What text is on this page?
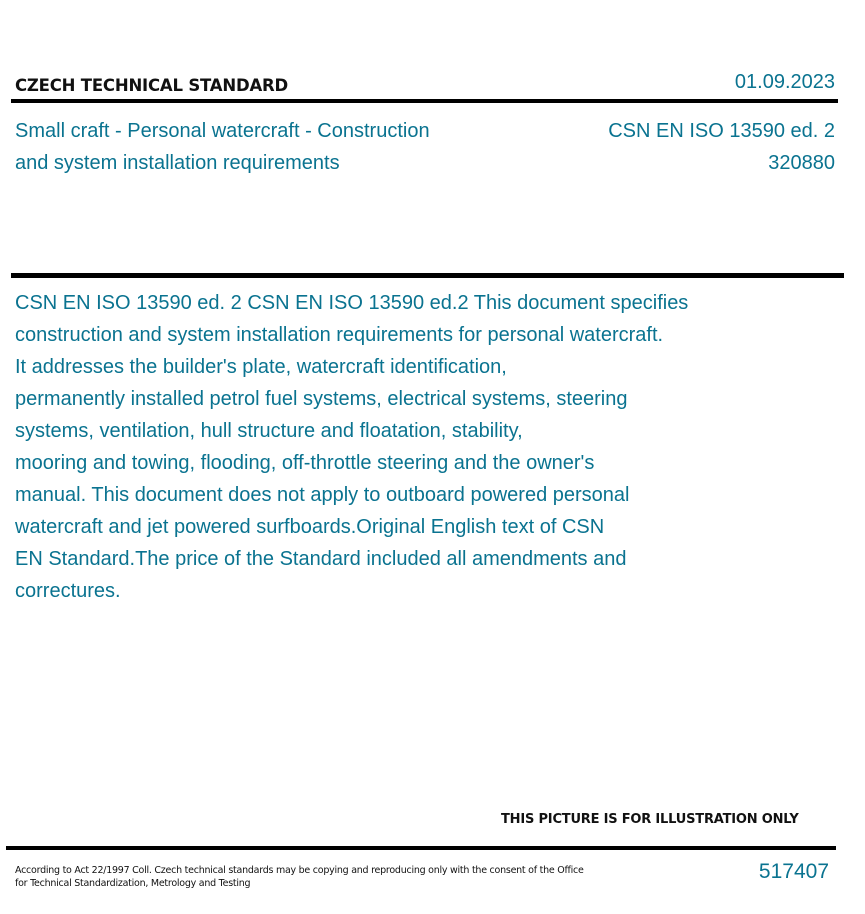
CZECH TECHNICAL STANDARD	01.09.2023
Small craft - Personal watercraft - Construction
and system installation requirements
CSN EN ISO 13590 ed. 2
320880
CSN EN ISO 13590 ed. 2 CSN EN ISO 13590 ed.2 This document specifies
construction and system installation requirements for personal watercraft.
It addresses the builder's plate, watercraft identification,
permanently installed petrol fuel systems, electrical systems, steering
systems, ventilation, hull structure and floatation, stability,
mooring and towing, flooding, off-throttle steering and the owner's
manual. This document does not apply to outboard powered personal
watercraft and jet powered surfboards.Original English text of CSN
EN Standard.The price of the Standard included all amendments and
correctures.
THIS PICTURE IS FOR ILLUSTRATION ONLY
According to Act 22/1997 Coll. Czech technical standards may be copying and reproducing only with the consent of the Office
for Technical Standardization, Metrology and Testing	517407
